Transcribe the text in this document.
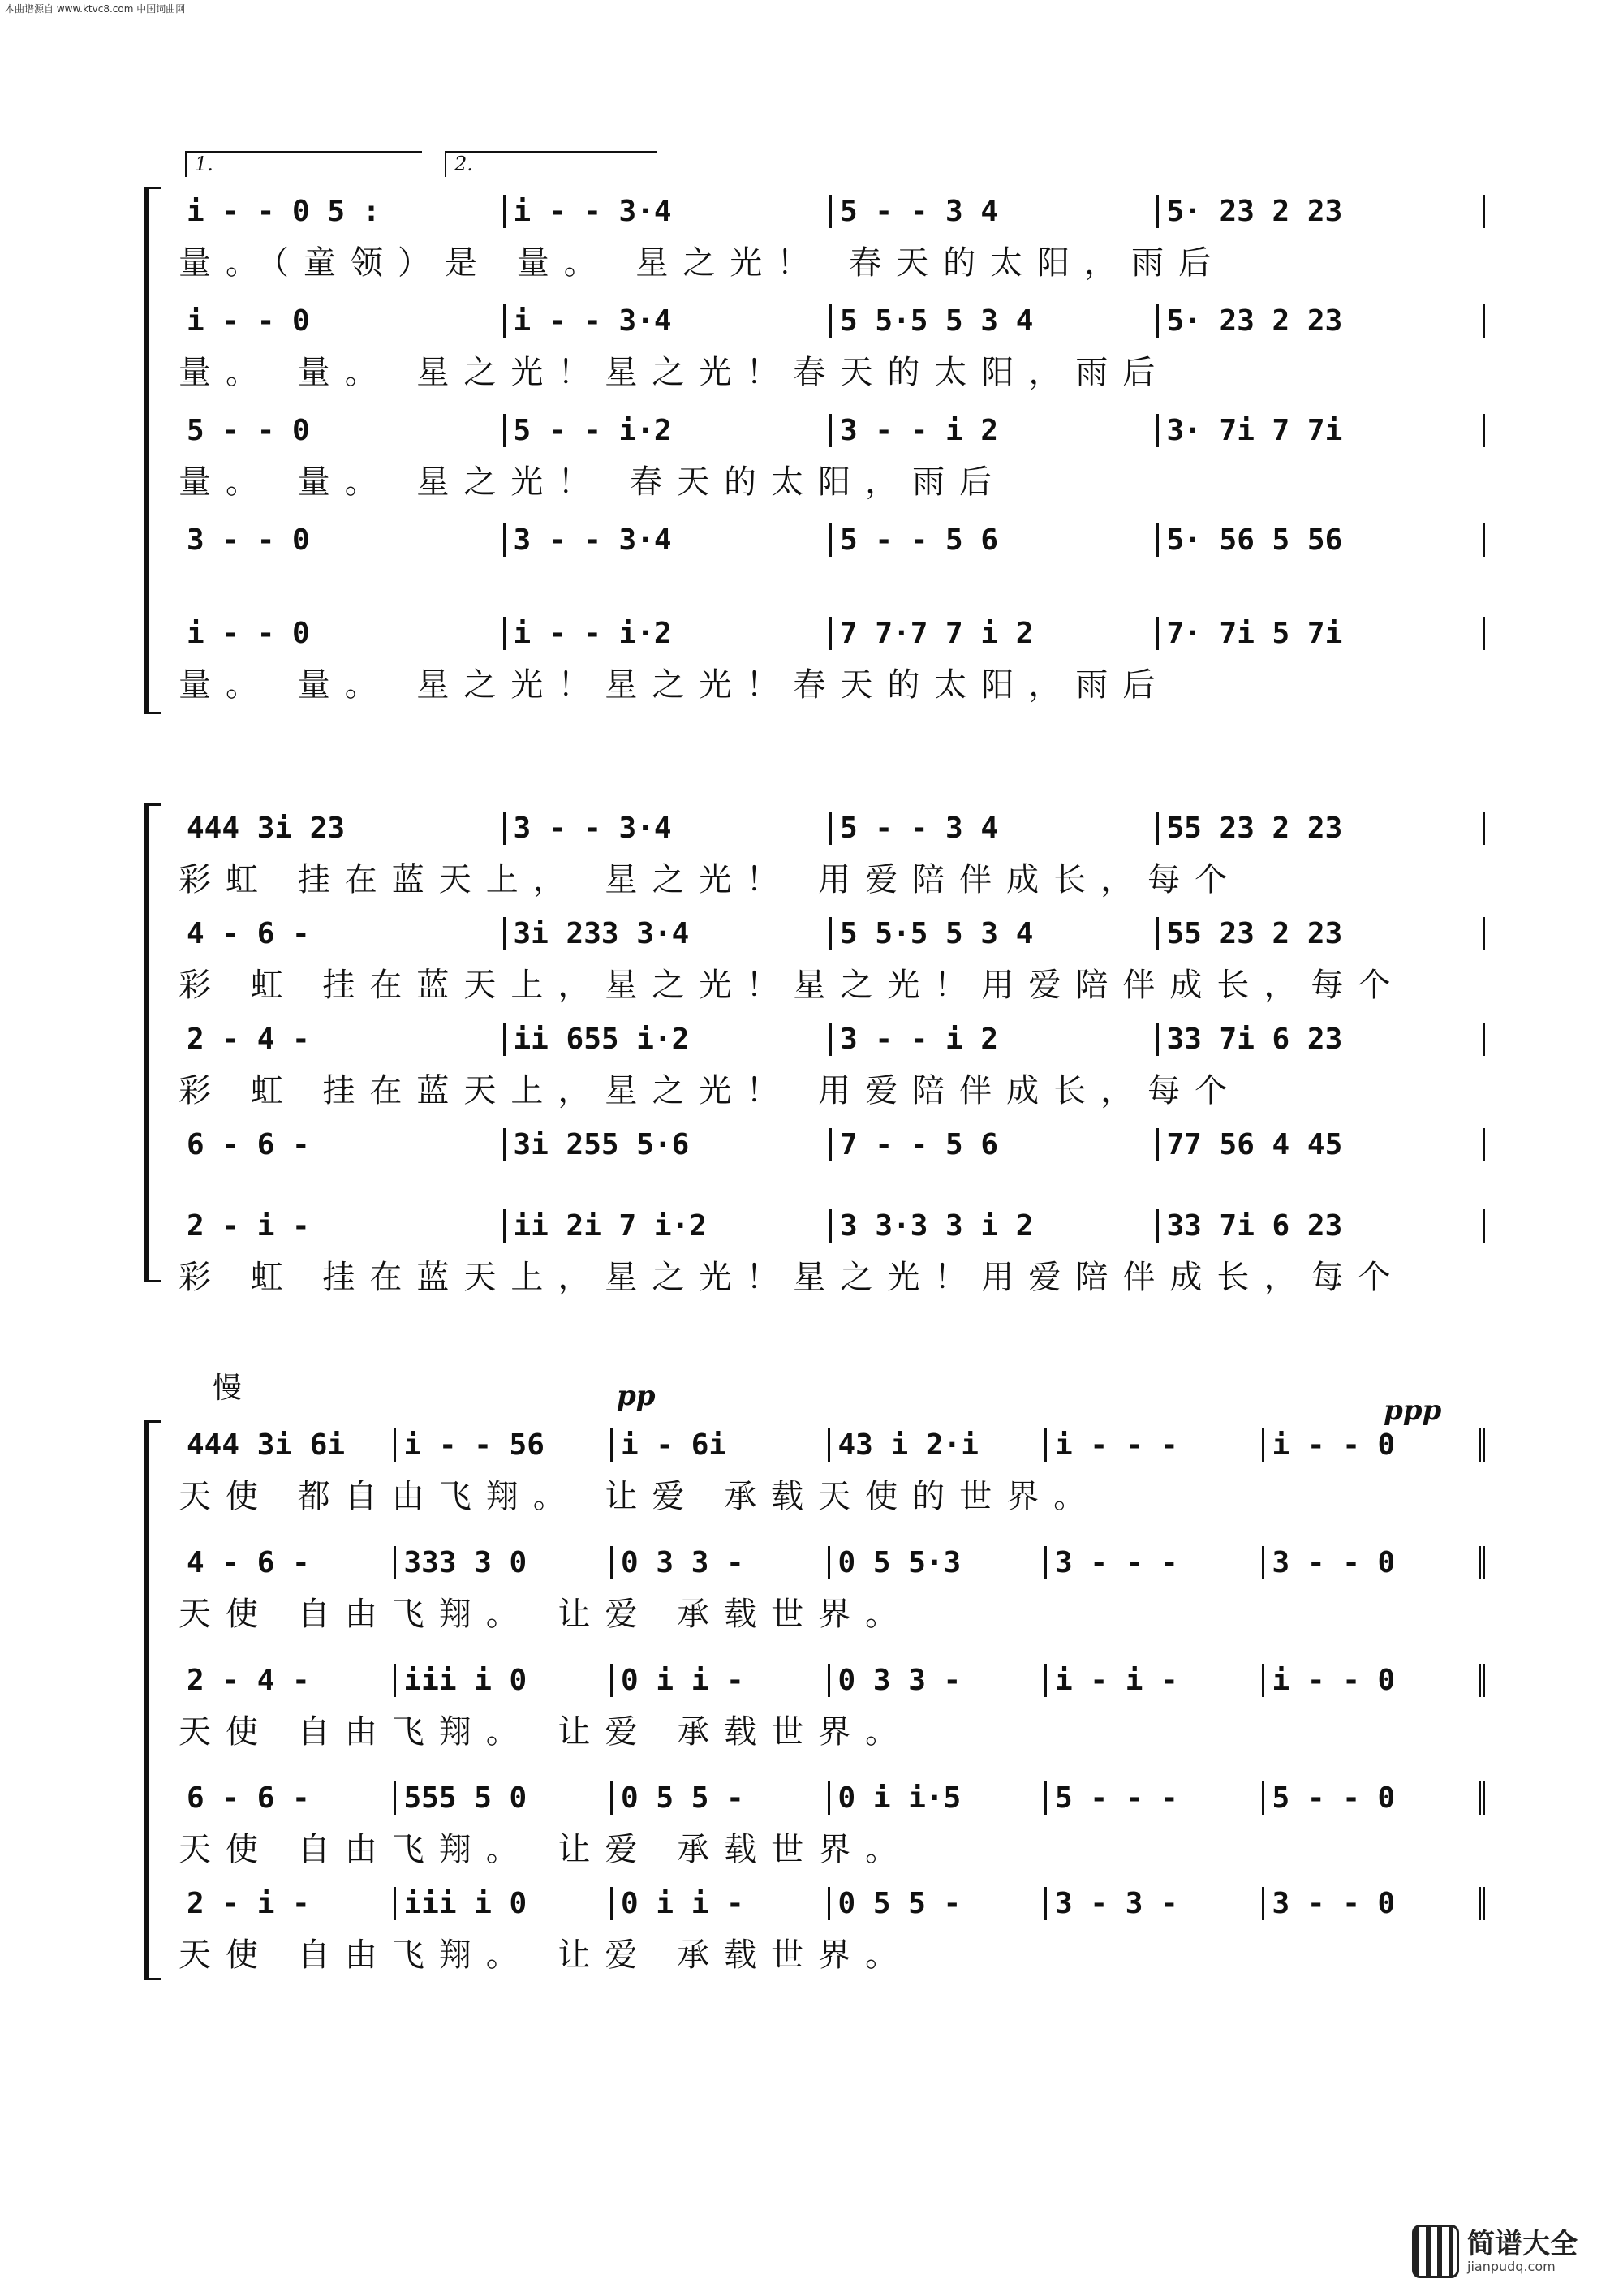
本曲谱源自 www.ktvc8.com 中国词曲网
1.	2.
i - - 0 5 :	i - - 3·4	5 - - 3 4	5· 23 2 23
量。（童领）是 量。 星之光！ 春天的太阳，雨后
i - - 0	i - - 3·4	5 5·5 5 3 4	5· 23 2 23
量。 量。 星之光！星之光！春天的太阳，雨后
5 - - 0	5 - - i·2	3 - - i 2	3· 7i 7 7i
量。 量。 星之光！ 春天的太阳，雨后
3 - - 0	3 - - 3·4	5 - - 5 6	5· 56 5 56
i - - 0	i - - i·2	7 7·7 7 i 2	7· 7i 5 7i
量。 量。 星之光！星之光！春天的太阳，雨后
444 3i 23	3 - - 3·4	5 - - 3 4	55 23 2 23
彩虹 挂在蓝天上， 星之光！ 用爱陪伴成长，每个
4 - 6 -	3i 233 3·4	5 5·5 5 3 4	55 23 2 23
彩 虹 挂在蓝天上，星之光！星之光！用爱陪伴成长，每个
2 - 4 -	ii 655 i·2	3 - - i 2	33 7i 6 23
彩 虹 挂在蓝天上，星之光！ 用爱陪伴成长，每个
6 - 6 -	3i 255 5·6	7 - - 5 6	77 56 4 45
2 - i -	ii 2i 7 i·2	3 3·3 3 i 2	33 7i 6 23
彩 虹 挂在蓝天上，星之光！星之光！用爱陪伴成长，每个
慢	pp	ppp
444 3i 6i	i - - 56	i - 6i	43 i 2·i	i - - -	i - - 0
天使 都自由飞翔。 让爱 承载天使的世界。
4 - 6 -	333 3 0	0 3 3 -	0 5 5·3	3 - - -	3 - - 0
天使 自由飞翔。 让爱 承载世界。
2 - 4 -	iii i 0	0 i i -	0 3 3 -	i - i -	i - - 0
天使 自由飞翔。 让爱 承载世界。
6 - 6 -	555 5 0	0 5 5 -	0 i i·5	5 - - -	5 - - 0
天使 自由飞翔。 让爱 承载世界。
2 - i -	iii i 0	0 i i -	0 5 5 -	3 - 3 -	3 - - 0
天使 自由飞翔。 让爱 承载世界。
简谱大全
jianpudq.com
